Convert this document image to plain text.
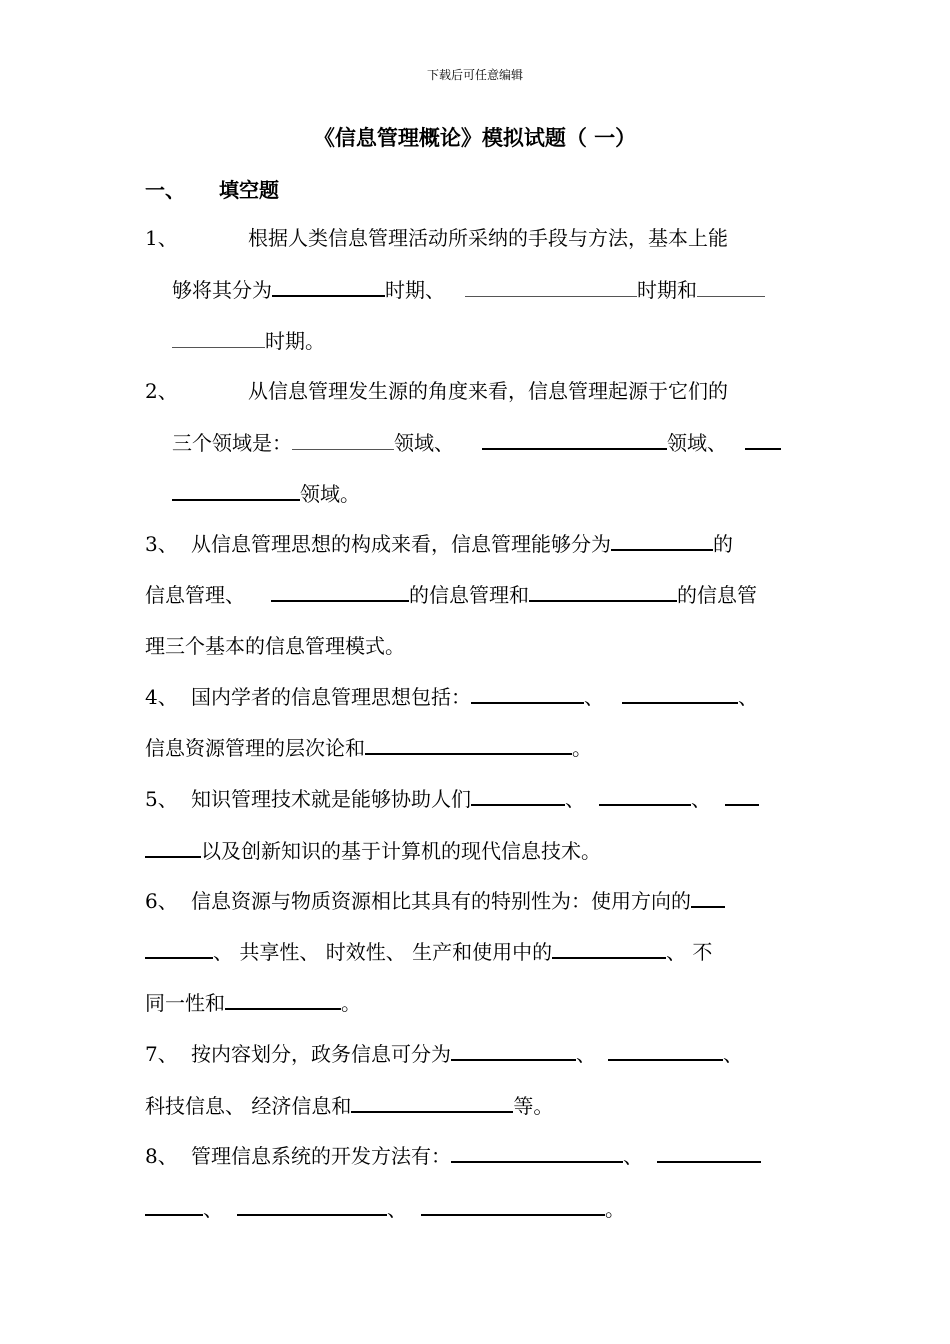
下载后可任意编辑
《信息管理概论》模拟试题（ 一）
一、 填空题
1、	根据人类信息管理活动所采纳的手段与方法，基本上能
够将其分为	时期、	时期和
时期。
2、	从信息管理发生源的角度来看，信息管理起源于它们的
三个领域是：	领域、	领域、
领域。
3、 从信息管理思想的构成来看，信息管理能够分为	的
信息管理、	的信息管理和	的信息管
理三个基本的信息管理模式。
4、 国内学者的信息管理思想包括：	、	、
信息资源管理的层次论和	。
5、 知识管理技术就是能够协助人们	、	、
以及创新知识的基于计算机的现代信息技术。
6、 信息资源与物质资源相比其具有的特别性为：使用方向的
、 共享性、 时效性、 生产和使用中的	、 不
同一性和	。
7、 按内容划分，政务信息可分为	、	、
科技信息、 经济信息和	等。
8、 管理信息系统的开发方法有：	、
、	、	。
